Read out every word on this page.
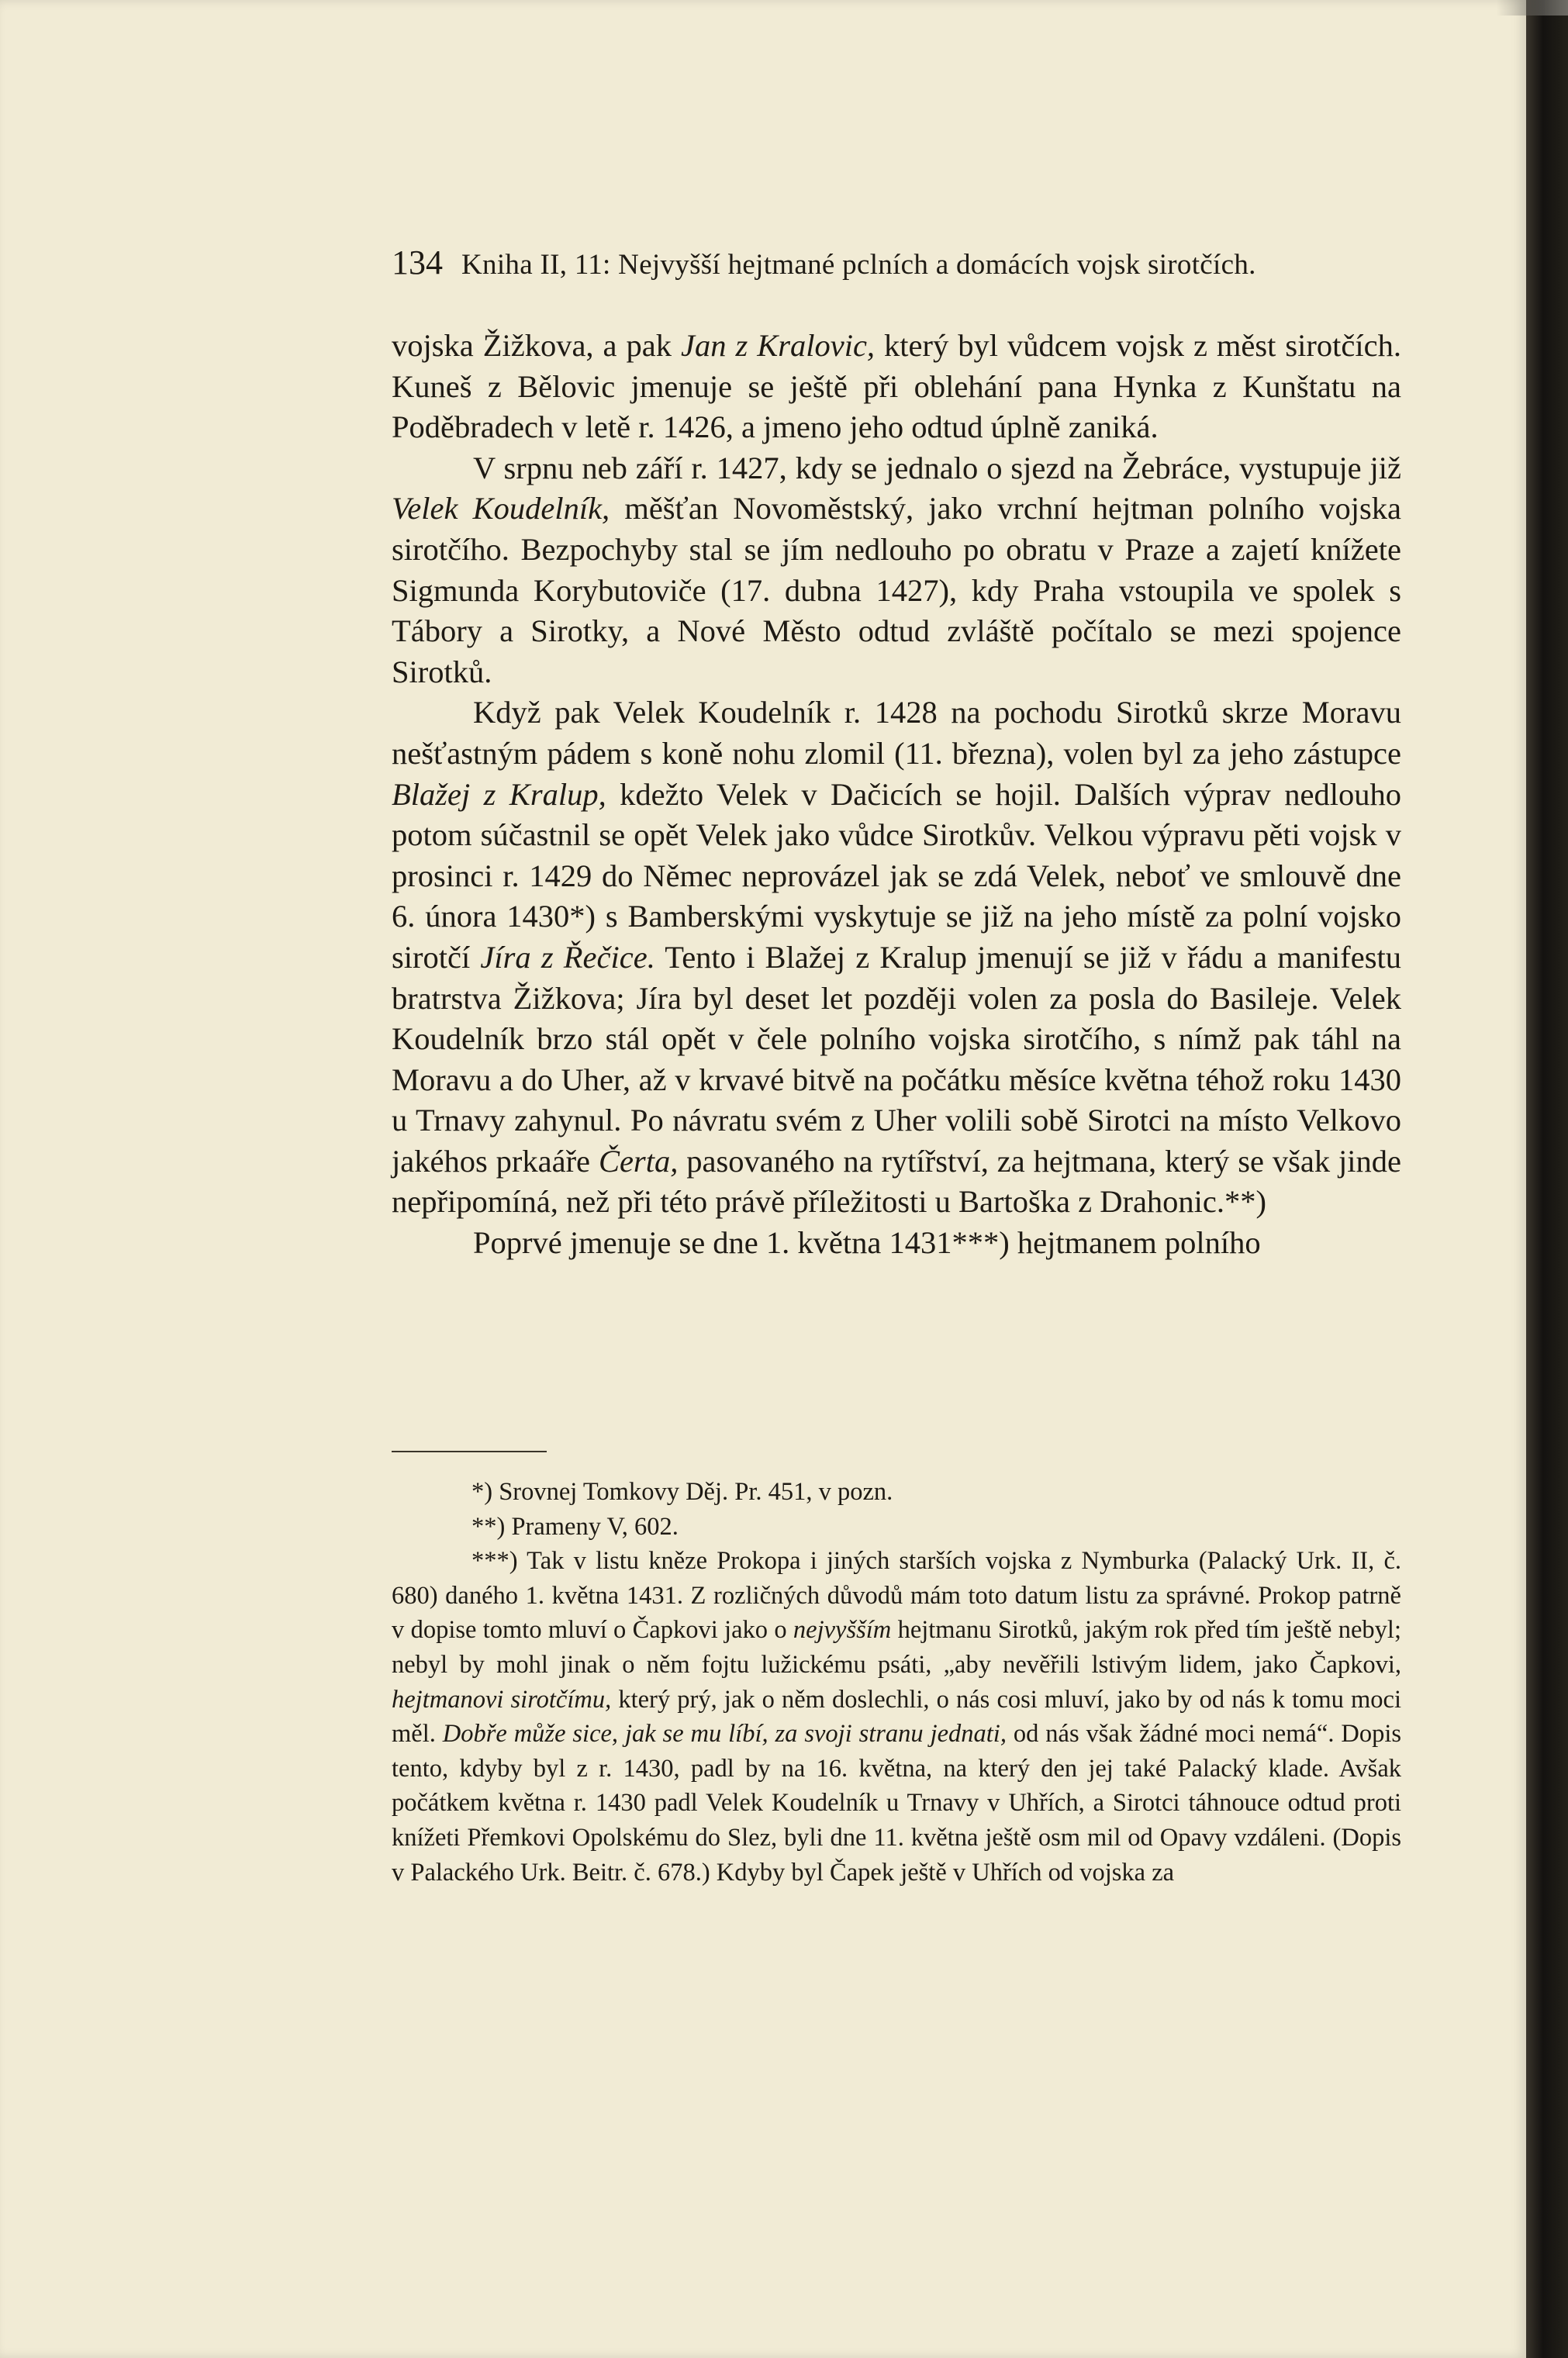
134 Kniha II, 11: Nejvyšší hejtmané pclních a domácích vojsk sirotčích.

vojska Žižkova, a pak Jan z Kralovic, který byl vůdcem vojsk z měst sirotčích. Kuneš z Bělovic jmenuje se ještě při oblehání pana Hynka z Kunštatu na Poděbradech v letě r. 1426, a jmeno jeho odtud úplně zaniká.

V srpnu neb září r. 1427, kdy se jednalo o sjezd na Žebráce, vystupuje již Velek Koudelník, měšťan Novoměstský, jako vrchní hejtman polního vojska sirotčího. Bezpochyby stal se jím nedlouho po obratu v Praze a zajetí knížete Sigmunda Korybutoviče (17. dubna 1427), kdy Praha vstoupila ve spolek s Tábory a Sirotky, a Nové Město odtud zvláště počítalo se mezi spojence Sirotků.

Když pak Velek Koudelník r. 1428 na pochodu Sirotků skrze Moravu nešťastným pádem s koně nohu zlomil (11. března), volen byl za jeho zástupce Blažej z Kralup, kdežto Velek v Dačicích se hojil. Dalších výprav nedlouho potom súčastnil se opět Velek jako vůdce Sirotkův. Velkou výpravu pěti vojsk v prosinci r. 1429 do Němec neprovázel jak se zdá Velek, neboť ve smlouvě dne 6. února 1430*) s Bamberskými vyskytuje se již na jeho místě za polní vojsko sirotčí Jíra z Řečice. Tento i Blažej z Kralup jmenují se již v řádu a manifestu bratrstva Žižkova; Jíra byl deset let později volen za posla do Basileje. Velek Koudelník brzo stál opět v čele polního vojska sirotčího, s nímž pak táhl na Moravu a do Uher, až v krvavé bitvě na počátku měsíce května téhož roku 1430 u Trnavy zahynul. Po návratu svém z Uher volili sobě Sirotci na místo Velkovo jakéhos prkaáře Čerta, pasovaného na rytířství, za hejtmana, který se však jinde nepřipomíná, než při této právě příležitosti u Bartoška z Drahonic.**)

Poprvé jmenuje se dne 1. května 1431***) hejtmanem polního

*) Srovnej Tomkovy Děj. Pr. 451, v pozn.

**) Prameny V, 602.

***) Tak v listu kněze Prokopa i jiných starších vojska z Nymburka (Palacký Urk. II, č. 680) daného 1. května 1431. Z rozličných důvodů mám toto datum listu za správné. Prokop patrně v dopise tomto mluví o Čapkovi jako o nejvyšším hejtmanu Sirotků, jakým rok před tím ještě nebyl; nebyl by mohl jinak o něm fojtu lužickému psáti, „aby nevěřili lstivým lidem, jako Čapkovi, hejtmanovi sirotčímu, který prý, jak o něm doslechli, o nás cosi mluví, jako by od nás k tomu moci měl. Dobře může sice, jak se mu líbí, za svoji stranu jednati, od nás však žádné moci nemá“. Dopis tento, kdyby byl z r. 1430, padl by na 16. května, na který den jej také Palacký klade. Avšak počátkem května r. 1430 padl Velek Koudelník u Trnavy v Uhřích, a Sirotci táhnouce odtud proti knížeti Přemkovi Opolskému do Slez, byli dne 11. května ještě osm mil od Opavy vzdáleni. (Dopis v Palackého Urk. Beitr. č. 678.) Kdyby byl Čapek ještě v Uhřích od vojska za
